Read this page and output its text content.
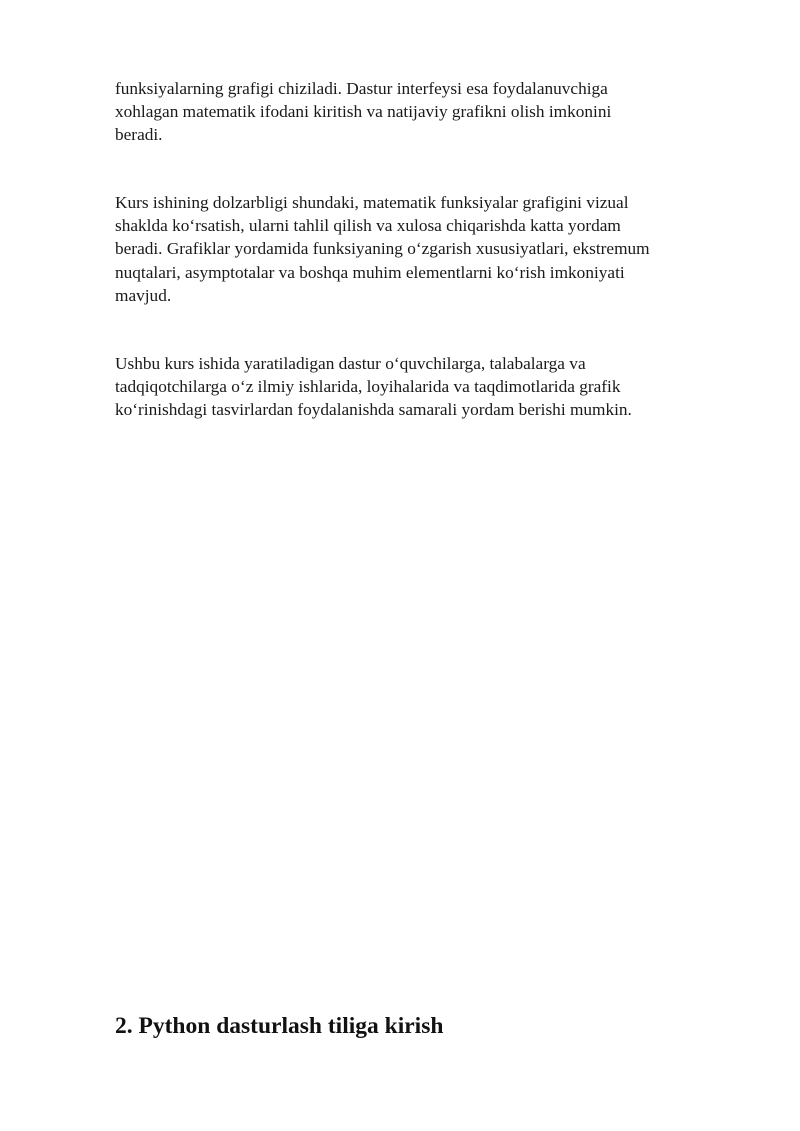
funksiyalarning grafigi chiziladi. Dastur interfeysi esa foydalanuvchiga
xohlagan matematik ifodani kiritish va natijaviy grafikni olish imkonini
beradi.

Kurs ishining dolzarbligi shundaki, matematik funksiyalar grafigini vizual
shaklda ko‘rsatish, ularni tahlil qilish va xulosa chiqarishda katta yordam
beradi. Grafiklar yordamida funksiyaning o‘zgarish xususiyatlari, ekstremum
nuqtalari, asymptotalar va boshqa muhim elementlarni ko‘rish imkoniyati
mavjud.

Ushbu kurs ishida yaratiladigan dastur o‘quvchilarga, talabalarga va
tadqiqotchilarga o‘z ilmiy ishlarida, loyihalarida va taqdimotlarida grafik
ko‘rinishdagi tasvirlardan foydalanishda samarali yordam berishi mumkin.

2. Python dasturlash tiliga kirish
